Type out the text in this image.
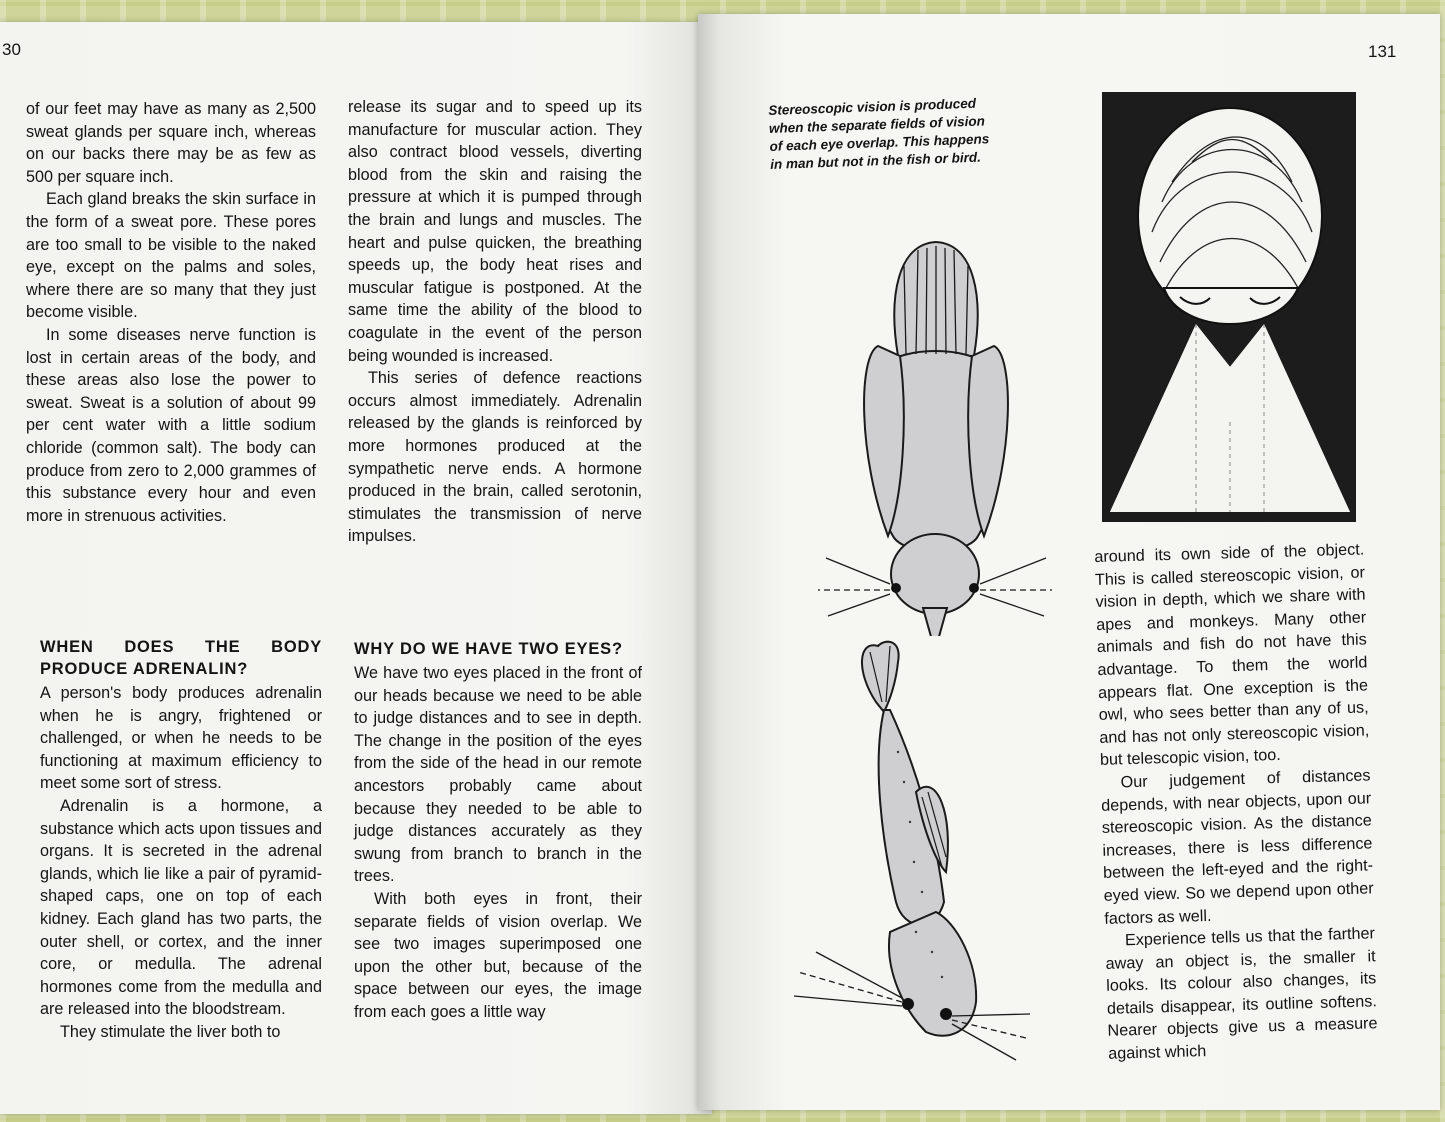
30

of our feet may have as many as 2,500 sweat glands per square inch, whereas on our backs there may be as few as 500 per square inch.

Each gland breaks the skin surface in the form of a sweat pore. These pores are too small to be visible to the naked eye, except on the palms and soles, where there are so many that they just become visible.

In some diseases nerve function is lost in certain areas of the body, and these areas also lose the power to sweat. Sweat is a solution of about 99 per cent water with a little sodium chloride (common salt). The body can produce from zero to 2,000 grammes of this substance every hour and even more in strenuous activities.

WHEN DOES THE BODY PRODUCE ADRENALIN?

A person's body produces adrenalin when he is angry, frightened or challenged, or when he needs to be functioning at maximum efficiency to meet some sort of stress.

Adrenalin is a hormone, a substance which acts upon tissues and organs. It is secreted in the adrenal glands, which lie like a pair of pyramid-shaped caps, one on top of each kidney. Each gland has two parts, the outer shell, or cortex, and the inner core, or medulla. The adrenal hormones come from the medulla and are released into the bloodstream.

They stimulate the liver both to

release its sugar and to speed up its manufacture for muscular action. They also contract blood vessels, diverting blood from the skin and raising the pressure at which it is pumped through the brain and lungs and muscles. The heart and pulse quicken, the breathing speeds up, the body heat rises and muscular fatigue is postponed. At the same time the ability of the blood to coagulate in the event of the person being wounded is increased.

This series of defence reactions occurs almost immediately. Adrenalin released by the glands is reinforced by more hormones produced at the sympathetic nerve ends. A hormone produced in the brain, called serotonin, stimulates the transmission of nerve impulses.

WHY DO WE HAVE TWO EYES?

We have two eyes placed in the front of our heads because we need to be able to judge distances and to see in depth. The change in the position of the eyes from the side of the head in our remote ancestors probably came about because they needed to be able to judge distances accurately as they swung from branch to branch in the trees.

With both eyes in front, their separate fields of vision overlap. We see two images superimposed one upon the other but, because of the space between our eyes, the image from each goes a little way

131
Stereoscopic vision is produced when the separate fields of vision of each eye overlap. This happens in man but not in the fish or bird.

around its own side of the object. This is called stereoscopic vision, or vision in depth, which we share with apes and monkeys. Many other animals and fish do not have this advantage. To them the world appears flat. One exception is the owl, who sees better than any of us, and has not only stereoscopic vision, but telescopic vision, too.

Our judgement of distances depends, with near objects, upon our stereoscopic vision. As the distance increases, there is less difference between the left-eyed and the right-eyed view. So we depend upon other factors as well.

Experience tells us that the farther away an object is, the smaller it looks. Its colour also changes, its details disappear, its outline softens. Nearer objects give us a measure against which
